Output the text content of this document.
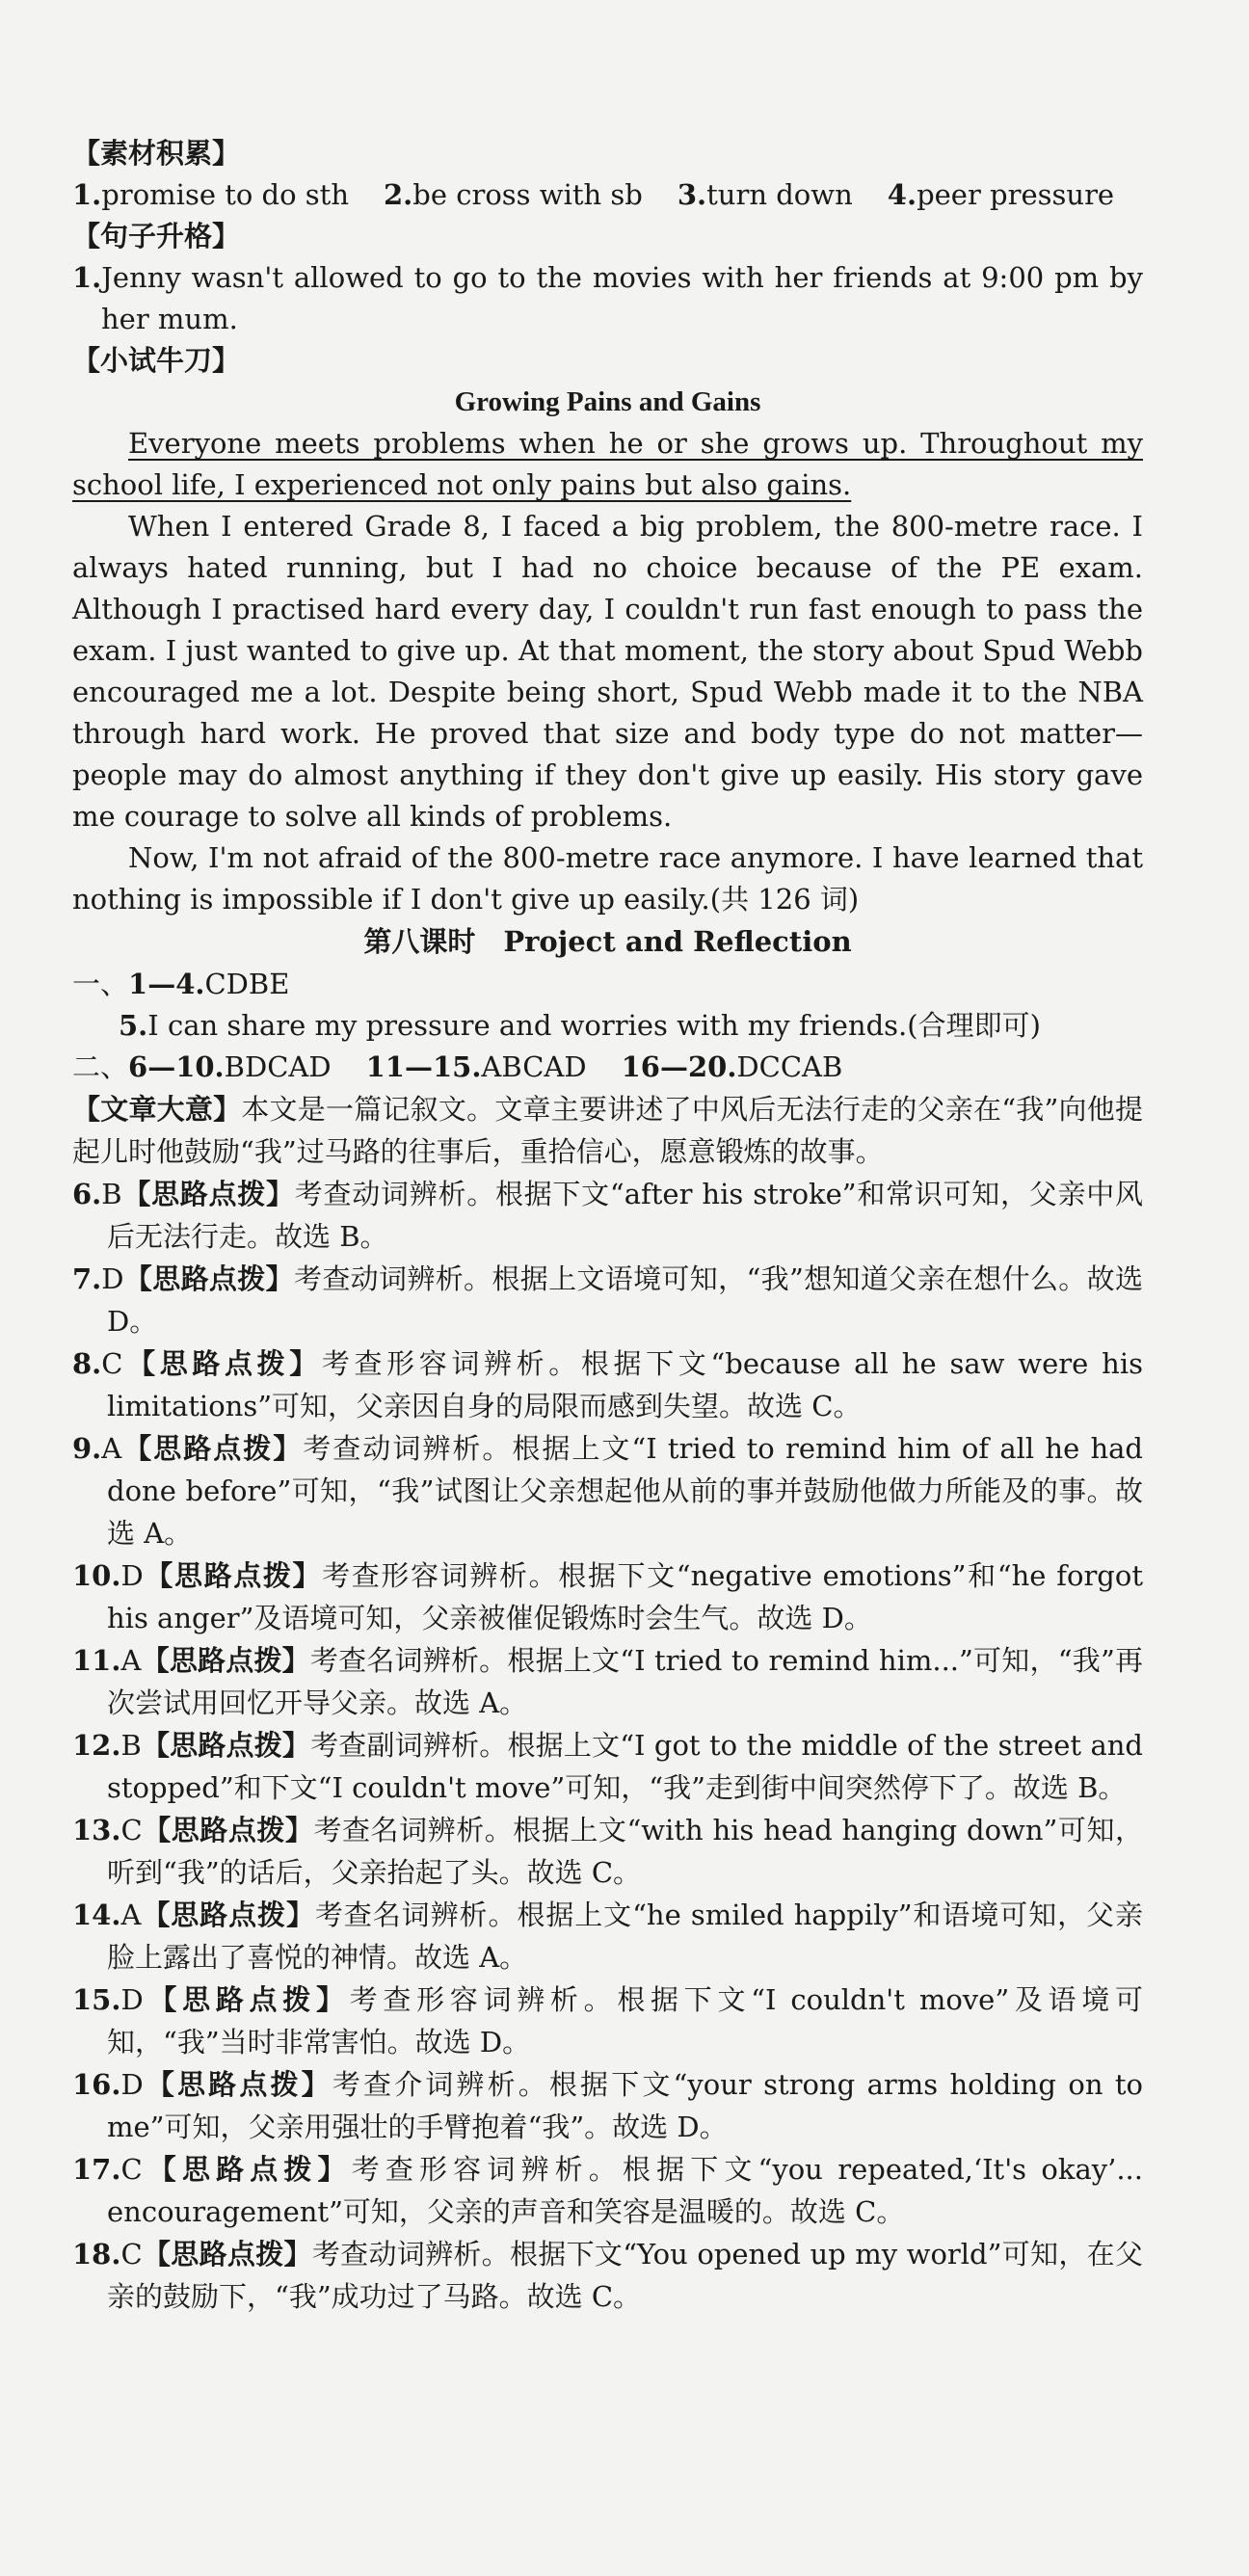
【素材积累】
1.promise to do sth 2.be cross with sb 3.turn down 4.peer pressure
【句子升格】
1.Jenny wasn't allowed to go to the movies with her friends at 9:00 pm by her mum.
【小试牛刀】
Growing Pains and Gains
Everyone meets problems when he or she grows up. Throughout my school life, I experienced not only pains but also gains.
When I entered Grade 8, I faced a big problem, the 800-metre race. I always hated running, but I had no choice because of the PE exam. Although I practised hard every day, I couldn't run fast enough to pass the exam. I just wanted to give up. At that moment, the story about Spud Webb encouraged me a lot. Despite being short, Spud Webb made it to the NBA through hard work. He proved that size and body type do not matter—people may do almost anything if they don't give up easily. His story gave me courage to solve all kinds of problems.
Now, I'm not afraid of the 800-metre race anymore. I have learned that nothing is impossible if I don't give up easily.(共 126 词)
第八课时　Project and Reflection
一、1—4.CDBE
5.I can share my pressure and worries with my friends.(合理即可)
二、6—10.BDCAD 11—15.ABCAD 16—20.DCCAB
【文章大意】本文是一篇记叙文。文章主要讲述了中风后无法行走的父亲在“我”向他提起儿时他鼓励“我”过马路的往事后，重拾信心，愿意锻炼的故事。
6.B【思路点拨】考查动词辨析。根据下文“after his stroke”和常识可知，父亲中风后无法行走。故选 B。
7.D【思路点拨】考查动词辨析。根据上文语境可知，“我”想知道父亲在想什么。故选 D。
8.C【思路点拨】考查形容词辨析。根据下文“because all he saw were his limitations”可知，父亲因自身的局限而感到失望。故选 C。
9.A【思路点拨】考查动词辨析。根据上文“I tried to remind him of all he had done before”可知，“我”试图让父亲想起他从前的事并鼓励他做力所能及的事。故选 A。
10.D【思路点拨】考查形容词辨析。根据下文“negative emotions”和“he forgot his anger”及语境可知，父亲被催促锻炼时会生气。故选 D。
11.A【思路点拨】考查名词辨析。根据上文“I tried to remind him...”可知，“我”再次尝试用回忆开导父亲。故选 A。
12.B【思路点拨】考查副词辨析。根据上文“I got to the middle of the street and stopped”和下文“I couldn't move”可知，“我”走到街中间突然停下了。故选 B。
13.C【思路点拨】考查名词辨析。根据上文“with his head hanging down”可知，听到“我”的话后，父亲抬起了头。故选 C。
14.A【思路点拨】考查名词辨析。根据上文“he smiled happily”和语境可知，父亲脸上露出了喜悦的神情。故选 A。
15.D【思路点拨】考查形容词辨析。根据下文“I couldn't move”及语境可知，“我”当时非常害怕。故选 D。
16.D【思路点拨】考查介词辨析。根据下文“your strong arms holding on to me”可知，父亲用强壮的手臂抱着“我”。故选 D。
17.C【思路点拨】考查形容词辨析。根据下文“you repeated,‘It's okay’... encouragement”可知，父亲的声音和笑容是温暖的。故选 C。
18.C【思路点拨】考查动词辨析。根据下文“You opened up my world”可知，在父亲的鼓励下，“我”成功过了马路。故选 C。
